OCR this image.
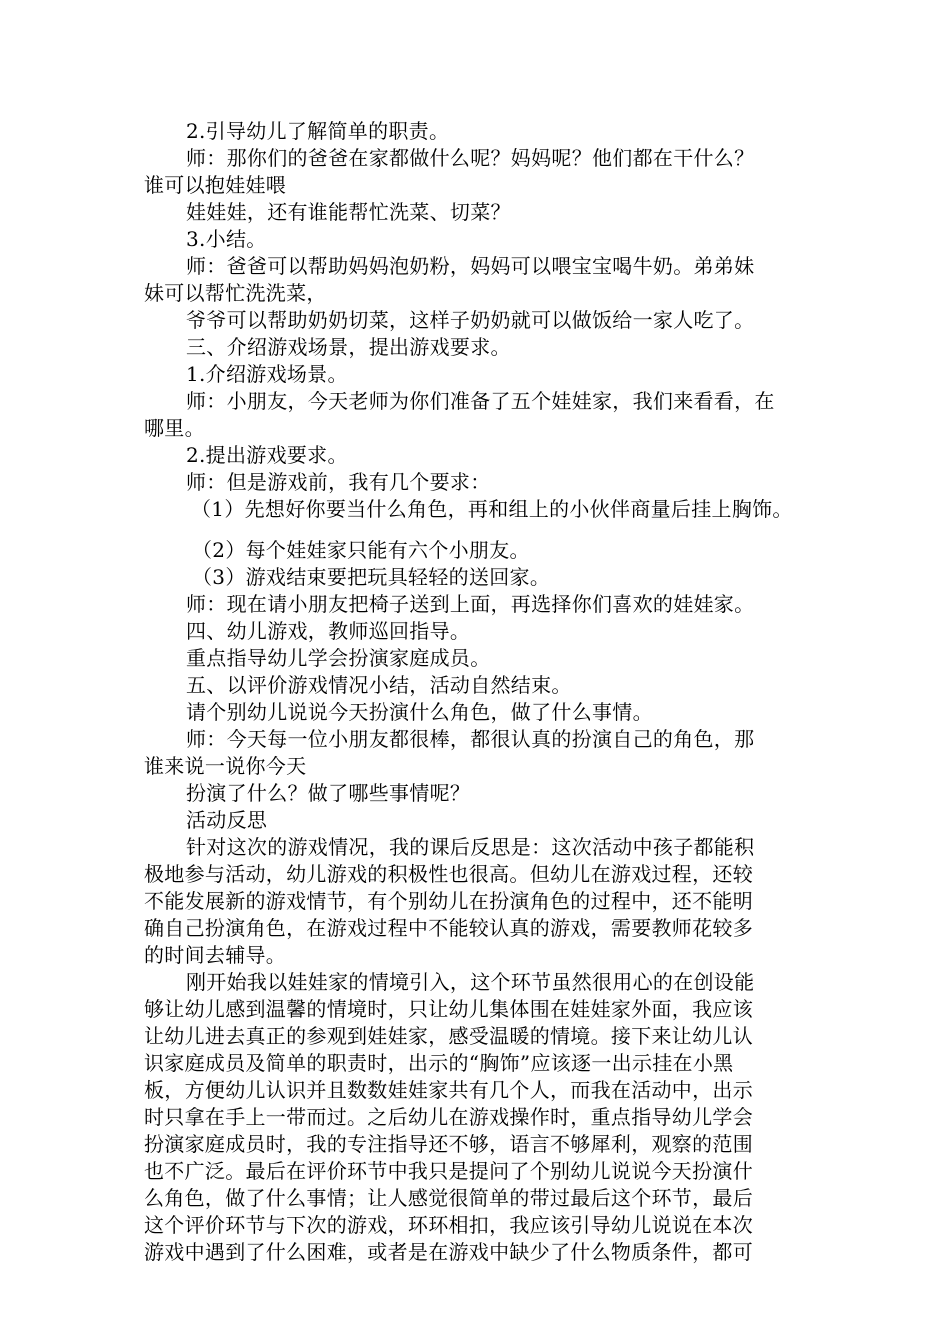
2.引导幼儿了解简单的职责。
师：那你们的爸爸在家都做什么呢？妈妈呢？他们都在干什么？
谁可以抱娃娃喂
娃娃娃，还有谁能帮忙洗菜、切菜？
3.小结。
师：爸爸可以帮助妈妈泡奶粉，妈妈可以喂宝宝喝牛奶。弟弟妹
妹可以帮忙洗洗菜，
爷爷可以帮助奶奶切菜，这样子奶奶就可以做饭给一家人吃了。
三、介绍游戏场景，提出游戏要求。
1.介绍游戏场景。
师：小朋友，今天老师为你们准备了五个娃娃家，我们来看看，在
哪里。
2.提出游戏要求。
师：但是游戏前，我有几个要求：
（1）先想好你要当什么角色，再和组上的小伙伴商量后挂上胸饰。
（2）每个娃娃家只能有六个小朋友。
（3）游戏结束要把玩具轻轻的送回家。
师：现在请小朋友把椅子送到上面，再选择你们喜欢的娃娃家。
四、幼儿游戏，教师巡回指导。
重点指导幼儿学会扮演家庭成员。
五、以评价游戏情况小结，活动自然结束。
请个别幼儿说说今天扮演什么角色，做了什么事情。
师：今天每一位小朋友都很棒，都很认真的扮演自己的角色，那
谁来说一说你今天
扮演了什么？做了哪些事情呢？
活动反思
针对这次的游戏情况，我的课后反思是：这次活动中孩子都能积
极地参与活动，幼儿游戏的积极性也很高。但幼儿在游戏过程，还较
不能发展新的游戏情节，有个别幼儿在扮演角色的过程中，还不能明
确自己扮演角色，在游戏过程中不能较认真的游戏，需要教师花较多
的时间去辅导。
刚开始我以娃娃家的情境引入，这个环节虽然很用心的在创设能
够让幼儿感到温馨的情境时，只让幼儿集体围在娃娃家外面，我应该
让幼儿进去真正的参观到娃娃家，感受温暖的情境。接下来让幼儿认
识家庭成员及简单的职责时，出示的“胸饰”应该逐一出示挂在小黑
板，方便幼儿认识并且数数娃娃家共有几个人，而我在活动中，出示
时只拿在手上一带而过。之后幼儿在游戏操作时，重点指导幼儿学会
扮演家庭成员时，我的专注指导还不够，语言不够犀利，观察的范围
也不广泛。最后在评价环节中我只是提问了个别幼儿说说今天扮演什
么角色，做了什么事情；让人感觉很简单的带过最后这个环节，最后
这个评价环节与下次的游戏，环环相扣，我应该引导幼儿说说在本次
游戏中遇到了什么困难，或者是在游戏中缺少了什么物质条件，都可
